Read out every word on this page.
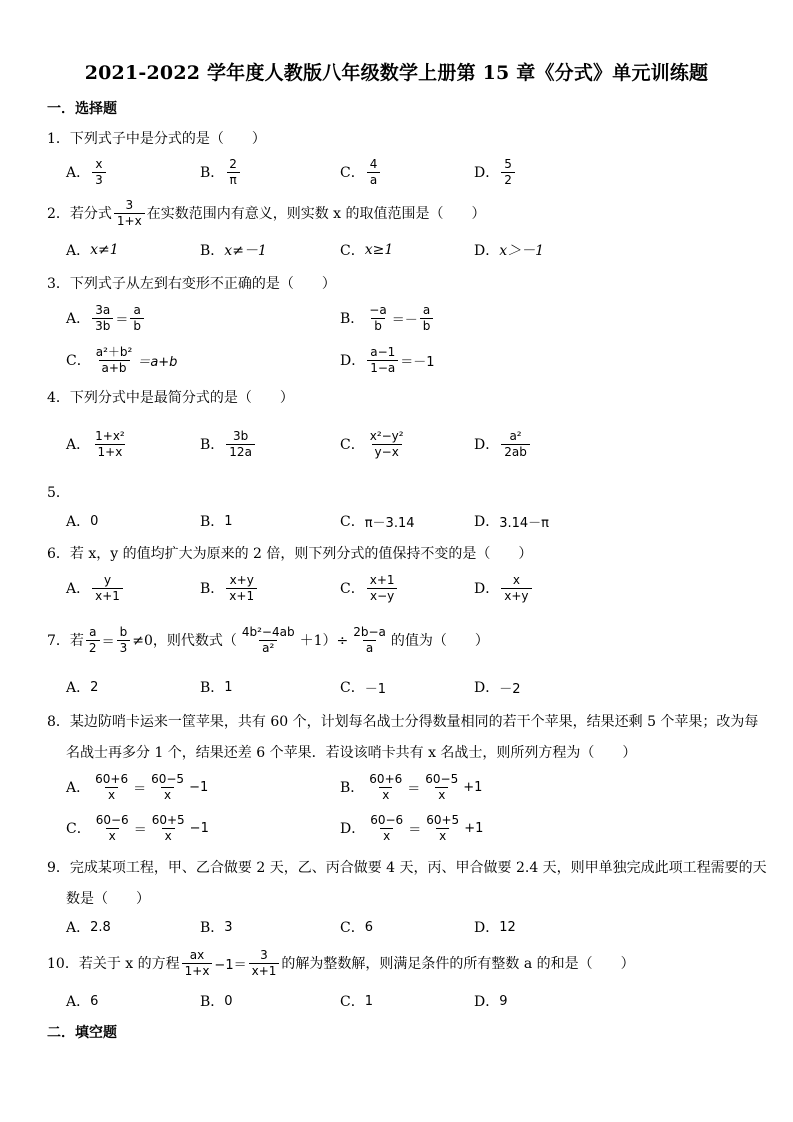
2021-2022 学年度人教版八年级数学上册第 15 章《分式》单元训练题
一．选择题
1．下列式子中是分式的是（　　）
A． $\frac{x}{3}$	B． $\frac{2}{\pi}$	C． $\frac{4}{a}$	D． $\frac{5}{2}$
2．若分式 $\frac{3}{1+x}$ 在实数范围内有意义，则实数 x 的取值范围是（　　）
A． x≠1	B． x≠－1	C． x≥1	D． x＞－1
3．下列式子从左到右变形不正确的是（　　）
A． $\frac{3a}{3b} = \frac{a}{b}$	B． $\frac{-a}{b} =- \frac{a}{b}$
C． $\frac{\text{a²＋b²}}{a+b} =a+b$	D． $\frac{a-1}{1-a} =-1$
4．下列分式中是最简分式的是（　　）
A． $\frac{\text{1+x²}}{1+x}$	B． $\frac{3b}{12a}$	C． $\frac{\text{x²−y²}}{y-x}$	D． $\frac{\text{a²}}{2ab}$
5．
A． 0	B． 1	C． π－3.14	D． 3.14－π
6．若 x，y 的值均扩大为原来的 2 倍，则下列分式的值保持不变的是（　　）
A． $\frac{y}{x+1}$	B． $\frac{x+y}{x+1}$	C． $\frac{x+1}{x-y}$	D． $\frac{x}{x+y}$
7．若 $\frac{a}{2} = \frac{b}{3} \ne 0$，则代数式（ $\frac{\text{4b²−4ab}}{\text{a²}} +1)\div \frac{2b-a}{a}$ 的值为（　　）
A． 2	B． 1	C． －1	D． －2
8．某边防哨卡运来一筐苹果，共有 60 个，计划每名战士分得数量相同的若干个苹果，结果还剩 5 个苹果；改为每
名战士再多分 1 个，结果还差 6 个苹果．若设该哨卡共有 x 名战士，则所列方程为（　　）
A． $\frac{60+6}{x} = \frac{60-5}{x} -1$	B． $\frac{60+6}{x} = \frac{60-5}{x} +1$
C． $\frac{60-6}{x} = \frac{60+5}{x} -1$	D． $\frac{60-6}{x} = \frac{60+5}{x} +1$
9．完成某项工程，甲、乙合做要 2 天，乙、丙合做要 4 天，丙、甲合做要 2.4 天，则甲单独完成此项工程需要的天
数是（　　）
A． 2.8	B． 3	C． 6	D． 12
10．若关于 x 的方程 $\frac{ax}{1+x} -1= \frac{3}{x+1}$ 的解为整数解，则满足条件的所有整数 a 的和是（　　）
A． 6	B． 0	C． 1	D． 9
二．填空题
